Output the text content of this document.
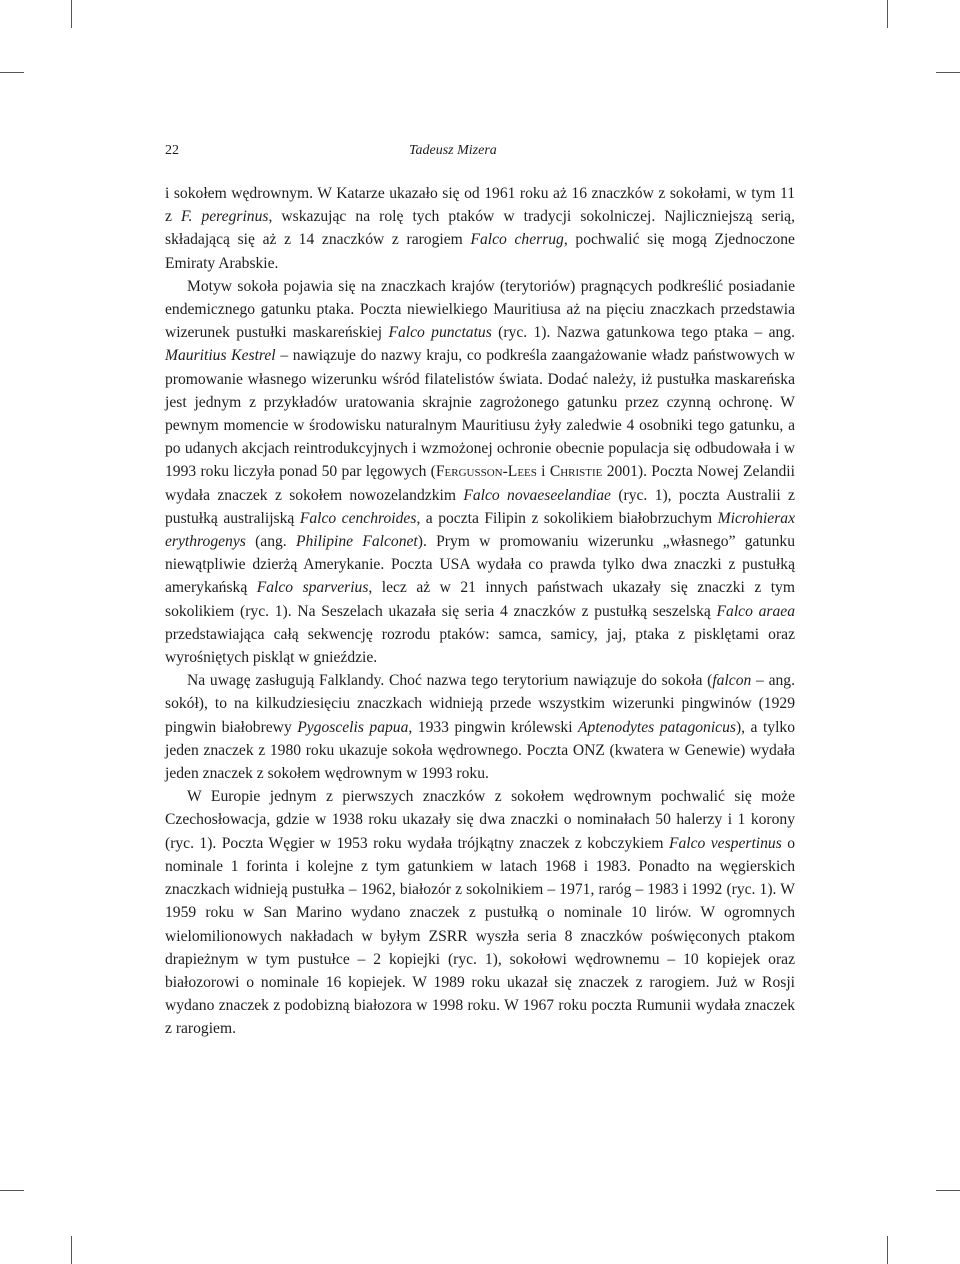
22	Tadeusz Mizera

i sokołem wędrownym. W Katarze ukazało się od 1961 roku aż 16 znaczków z sokołami, w tym 11 z F. peregrinus, wskazując na rolę tych ptaków w tradycji sokolniczej. Najliczniejszą serią, składającą się aż z 14 znaczków z rarogiem Falco cherrug, pochwalić się mogą Zjednoczone Emiraty Arabskie.

Motyw sokoła pojawia się na znaczkach krajów (terytoriów) pragnących podkreślić posiadanie endemicznego gatunku ptaka. Poczta niewielkiego Mauritiusa aż na pięciu znaczkach przedstawia wizerunek pustułki maskareńskiej Falco punctatus (ryc. 1). Nazwa gatunkowa tego ptaka – ang. Mauritius Kestrel – nawiązuje do nazwy kraju, co podkreśla zaangażowanie władz państwowych w promowanie własnego wizerunku wśród filatelistów świata. Dodać należy, iż pustułka maskareńska jest jednym z przykładów uratowania skrajnie zagrożonego gatunku przez czynną ochronę. W pewnym momencie w środowisku naturalnym Mauritiusu żyły zaledwie 4 osobniki tego gatunku, a po udanych akcjach reintrodukcyjnych i wzmożonej ochronie obecnie populacja się odbudowała i w 1993 roku liczyła ponad 50 par lęgowych (Fergusson-Lees i Christie 2001). Poczta Nowej Zelandii wydała znaczek z sokołem nowozelandzkim Falco novaeseelandiae (ryc. 1), poczta Australii z pustułką australijską Falco cenchroides, a poczta Filipin z sokolikiem białobrzuchym Microhierax erythrogenys (ang. Philipine Falconet). Prym w promowaniu wizerunku „własnego” gatunku niewątpliwie dzierżą Amerykanie. Poczta USA wydała co prawda tylko dwa znaczki z pustułką amerykańską Falco sparverius, lecz aż w 21 innych państwach ukazały się znaczki z tym sokolikiem (ryc. 1). Na Seszelach ukazała się seria 4 znaczków z pustułką seszelską Falco araea przedstawiająca całą sekwencję rozrodu ptaków: samca, samicy, jaj, ptaka z pisklętami oraz wyrośniętych piskląt w gnieździe.

Na uwagę zasługują Falklandy. Choć nazwa tego terytorium nawiązuje do sokoła (falcon – ang. sokół), to na kilkudziesięciu znaczkach widnieją przede wszystkim wizerunki pingwinów (1929 pingwin białobrewy Pygoscelis papua, 1933 pingwin królewski Aptenodytes patagonicus), a tylko jeden znaczek z 1980 roku ukazuje sokoła wędrownego. Poczta ONZ (kwatera w Genewie) wydała jeden znaczek z sokołem wędrownym w 1993 roku.

W Europie jednym z pierwszych znaczków z sokołem wędrownym pochwalić się może Czechosłowacja, gdzie w 1938 roku ukazały się dwa znaczki o nominałach 50 halerzy i 1 korony (ryc. 1). Poczta Węgier w 1953 roku wydała trójkątny znaczek z kobczykiem Falco vespertinus o nominale 1 forinta i kolejne z tym gatunkiem w latach 1968 i 1983. Ponadto na węgierskich znaczkach widnieją pustułka – 1962, białozór z sokolnikiem – 1971, raróg – 1983 i 1992 (ryc. 1). W 1959 roku w San Marino wydano znaczek z pustułką o nominale 10 lirów. W ogromnych wielomilionowych nakładach w byłym ZSRR wyszła seria 8 znaczków poświęconych ptakom drapieżnym w tym pustułce – 2 kopiejki (ryc. 1), sokołowi wędrownemu – 10 kopiejek oraz białozorowi o nominale 16 kopiejek. W 1989 roku ukazał się znaczek z rarogiem. Już w Rosji wydano znaczek z podobizną białozora w 1998 roku. W 1967 roku poczta Rumunii wydała znaczek z rarogiem.
